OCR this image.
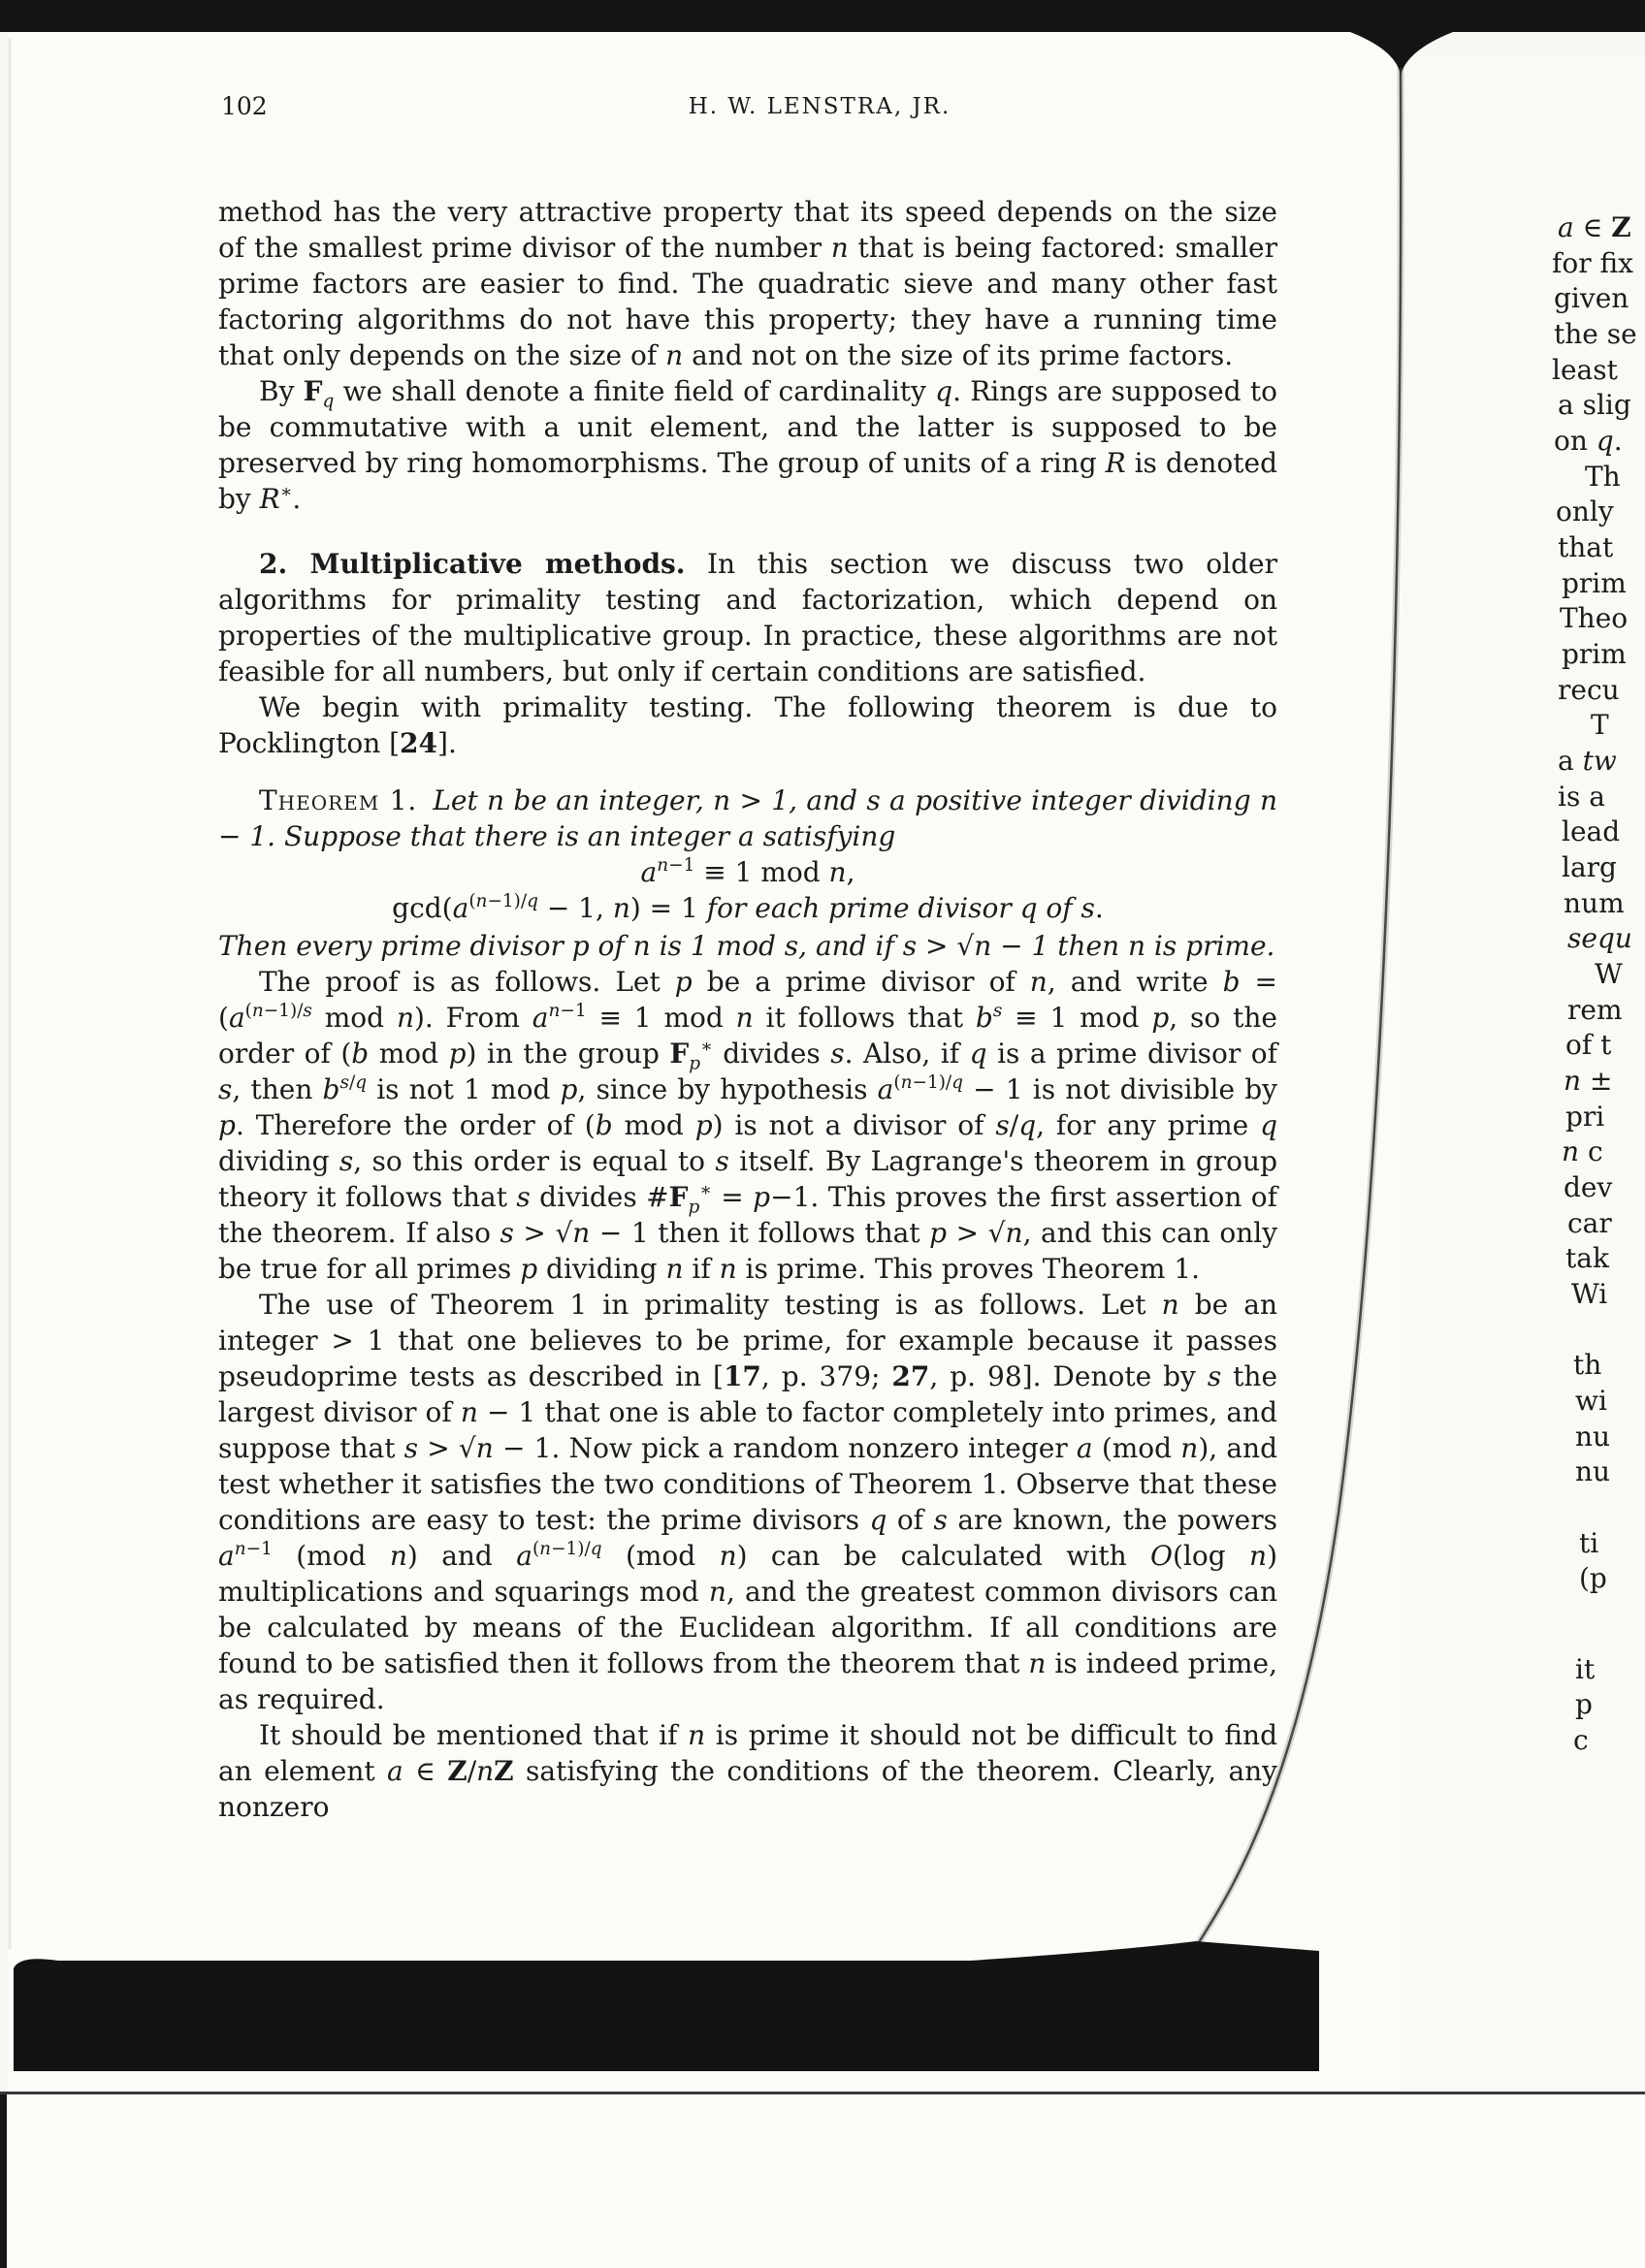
102	H. W. LENSTRA, JR.

method has the very attractive property that its speed depends on the size of the smallest prime divisor of the number n that is being factored: smaller prime factors are easier to find. The quadratic sieve and many other fast factoring algorithms do not have this property; they have a running time that only depends on the size of n and not on the size of its prime factors.

By $F_q$ we shall denote a finite field of cardinality q. Rings are supposed to be commutative with a unit element, and the latter is supposed to be preserved by ring homomorphisms. The group of units of a ring R is denoted by R∗.

2. Multiplicative methods. In this section we discuss two older algorithms for primality testing and factorization, which depend on properties of the multiplicative group. In practice, these algorithms are not feasible for all numbers, but only if certain conditions are satisfied.

We begin with primality testing. The following theorem is due to Pocklington [24].

Theorem 1. Let n be an integer, n > 1, and s a positive integer dividing n − 1. Suppose that there is an integer a satisfying

$a^{n-1} \equiv 1$ mod n,

$\gcd(a^{(n-1)/q} - 1$, n) = 1 for each prime divisor q of s.

Then every prime divisor p of n is 1 mod s, and if s > √n − 1 then n is prime.

The proof is as follows. Let p be a prime divisor of n, and write $b = (a^{(n-1)/s}$ mod n). From $a^{n-1} \equiv 1$ mod n it follows that $b^s \equiv 1$ mod p, so the order of (b mod p) in the group $F_p^∗$ divides s. Also, if q is a prime divisor of s, then $b^{s/q}$ is not 1 mod p, since by hypothesis $a^{(n-1)/q} - 1$ is not divisible by p. Therefore the order of (b mod p) is not a divisor of s/q, for any prime q dividing s, so this order is equal to s itself. By Lagrange's theorem in group theory it follows that s divides $\#F_p^∗ = p-1$. This proves the first assertion of the theorem. If also s > √n − 1 then it follows that p > √n, and this can only be true for all primes p dividing n if n is prime. This proves Theorem 1.

The use of Theorem 1 in primality testing is as follows. Let n be an integer > 1 that one believes to be prime, for example because it passes pseudoprime tests as described in [17, p. 379; 27, p. 98]. Denote by s the largest divisor of n − 1 that one is able to factor completely into primes, and suppose that s > √n − 1. Now pick a random nonzero integer a (mod n), and test whether it satisfies the two conditions of Theorem 1. Observe that these conditions are easy to test: the prime divisors q of s are known, the powers $a^{n-1}$ (mod n) and $a^{(n-1)/q}$ (mod n) can be calculated with O(log n) multiplications and squarings mod n, and the greatest common divisors can be calculated by means of the Euclidean algorithm. If all conditions are found to be satisfied then it follows from the theorem that n is indeed prime, as required.

It should be mentioned that if n is prime it should not be difficult to find an element a ∈ Z/nZ satisfying the conditions of the theorem. Clearly, any nonzero

a ∈ Z
for fix
given
the se
least
a slig
on q.
Th
only
that
prim
Theo
prim
recu
T
a tw
is a
lead
larg
num
sequ
W
rem
of t
n ±
pri
n c
dev
car
tak
Wi
th
wi
nu
nu
ti
(p
it
p
c
